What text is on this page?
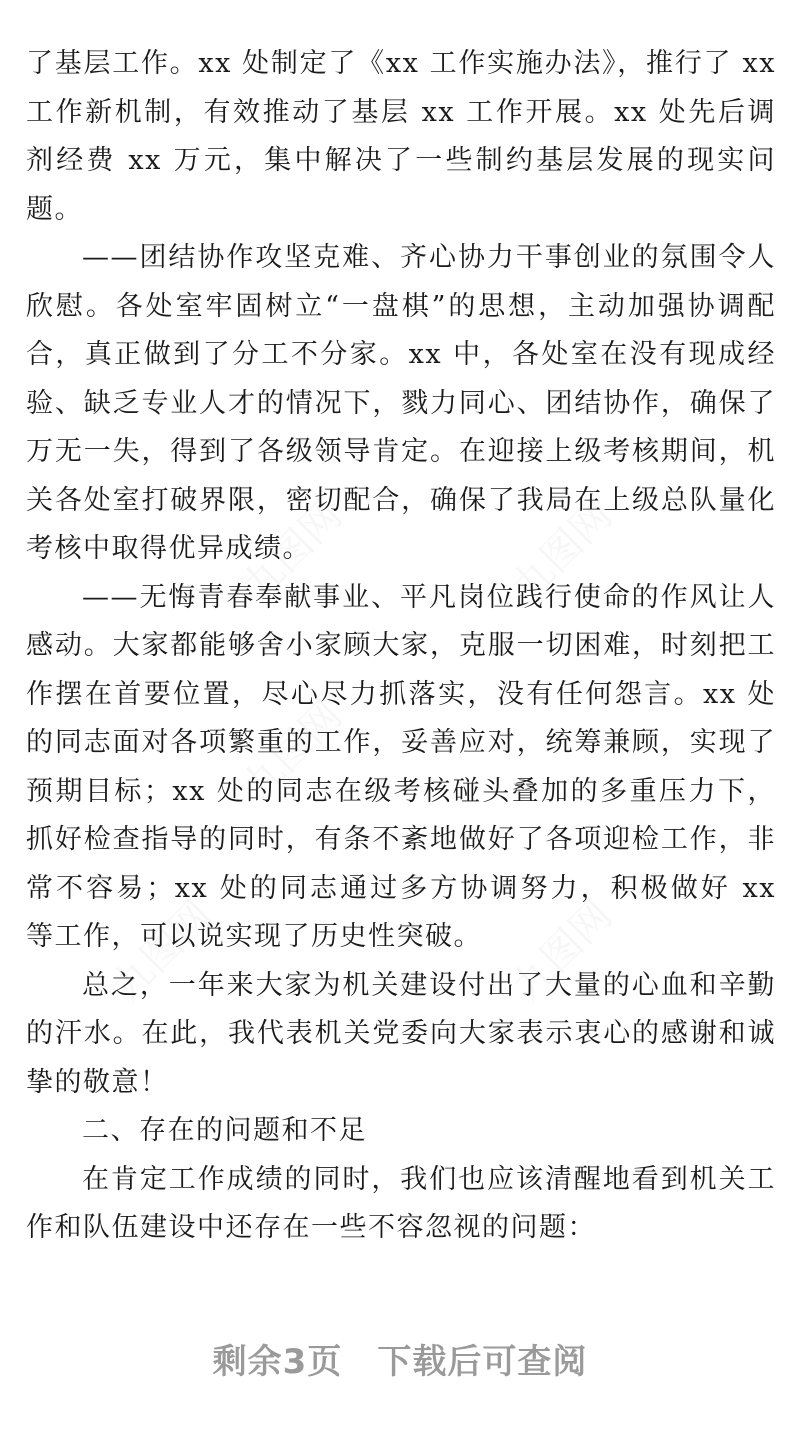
九图网	九图网
九图网
九图网
九图网

了基层工作。xx 处制定了《xx 工作实施办法》，推行了 xx 工作新机制，有效推动了基层 xx 工作开展。xx 处先后调剂经费 xx 万元，集中解决了一些制约基层发展的现实问题。

——团结协作攻坚克难、齐心协力干事创业的氛围令人欣慰。各处室牢固树立“一盘棋”的思想，主动加强协调配合，真正做到了分工不分家。xx 中，各处室在没有现成经验、缺乏专业人才的情况下，戮力同心、团结协作，确保了万无一失，得到了各级领导肯定。在迎接上级考核期间，机关各处室打破界限，密切配合，确保了我局在上级总队量化考核中取得优异成绩。

——无悔青春奉献事业、平凡岗位践行使命的作风让人感动。大家都能够舍小家顾大家，克服一切困难，时刻把工作摆在首要位置，尽心尽力抓落实，没有任何怨言。xx 处的同志面对各项繁重的工作，妥善应对，统筹兼顾，实现了预期目标；xx 处的同志在级考核碰头叠加的多重压力下，抓好检查指导的同时，有条不紊地做好了各项迎检工作，非常不容易；xx 处的同志通过多方协调努力，积极做好 xx 等工作，可以说实现了历史性突破。

总之，一年来大家为机关建设付出了大量的心血和辛勤的汗水。在此，我代表机关党委向大家表示衷心的感谢和诚挚的敬意！

二、存在的问题和不足

在肯定工作成绩的同时，我们也应该清醒地看到机关工作和队伍建设中还存在一些不容忽视的问题：

剩余3页　下载后可查阅
